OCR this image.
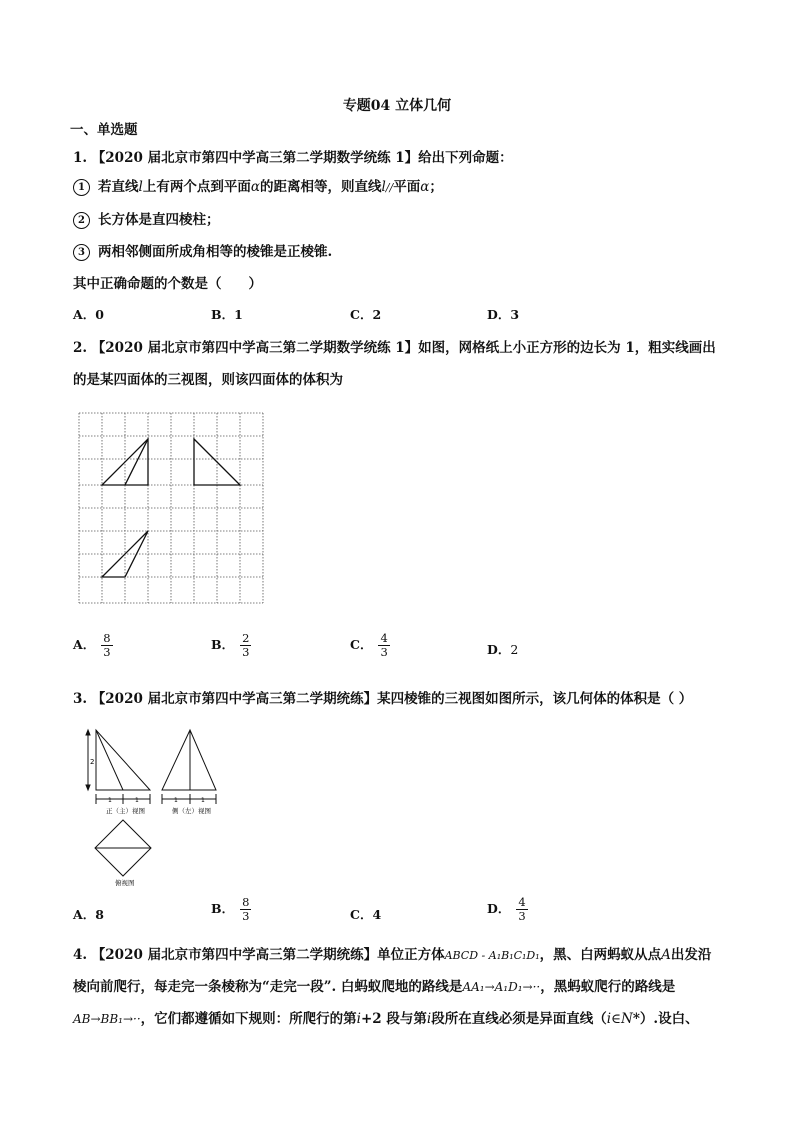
专题04 立体几何
一、单选题
1. 【2020 届北京市第四中学高三第二学期数学统练 1】给出下列命题：
1 若直线l上有两个点到平面α的距离相等，则直线l//平面α；
2 长方体是直四棱柱；
3 两相邻侧面所成角相等的棱锥是正棱锥.
其中正确命题的个数是（　　）
A．0	B．1	C．2	D．3
2. 【2020 届北京市第四中学高三第二学期数学统练 1】如图，网格纸上小正方形的边长为 1，粗实线画出
的是某四面体的三视图，则该四面体的体积为
A． $\frac{8}{3}$	B． $\frac{2}{3}$	C． $\frac{4}{3}$	D．2
3. 【2020 届北京市第四中学高三第二学期统练】某四棱锥的三视图如图所示，该几何体的体积是（ ）
2
1	1	1	1
正（主）视图	侧（左）视图
俯视图
A．8	B． $\frac{8}{3}$	C．4	D． $\frac{4}{3}$
4. 【2020 届北京市第四中学高三第二学期统练】单位正方体ABCD - A₁B₁C₁D₁，黑、白两蚂蚁从点A出发沿
棱向前爬行，每走完一条棱称为“走完一段”. 白蚂蚁爬地的路线是AA₁→A₁D₁→··，黑蚂蚁爬行的路线是
AB→BB₁→··，它们都遵循如下规则：所爬行的第i+2 段与第i段所在直线必须是异面直线（i∈N*）.设白、
